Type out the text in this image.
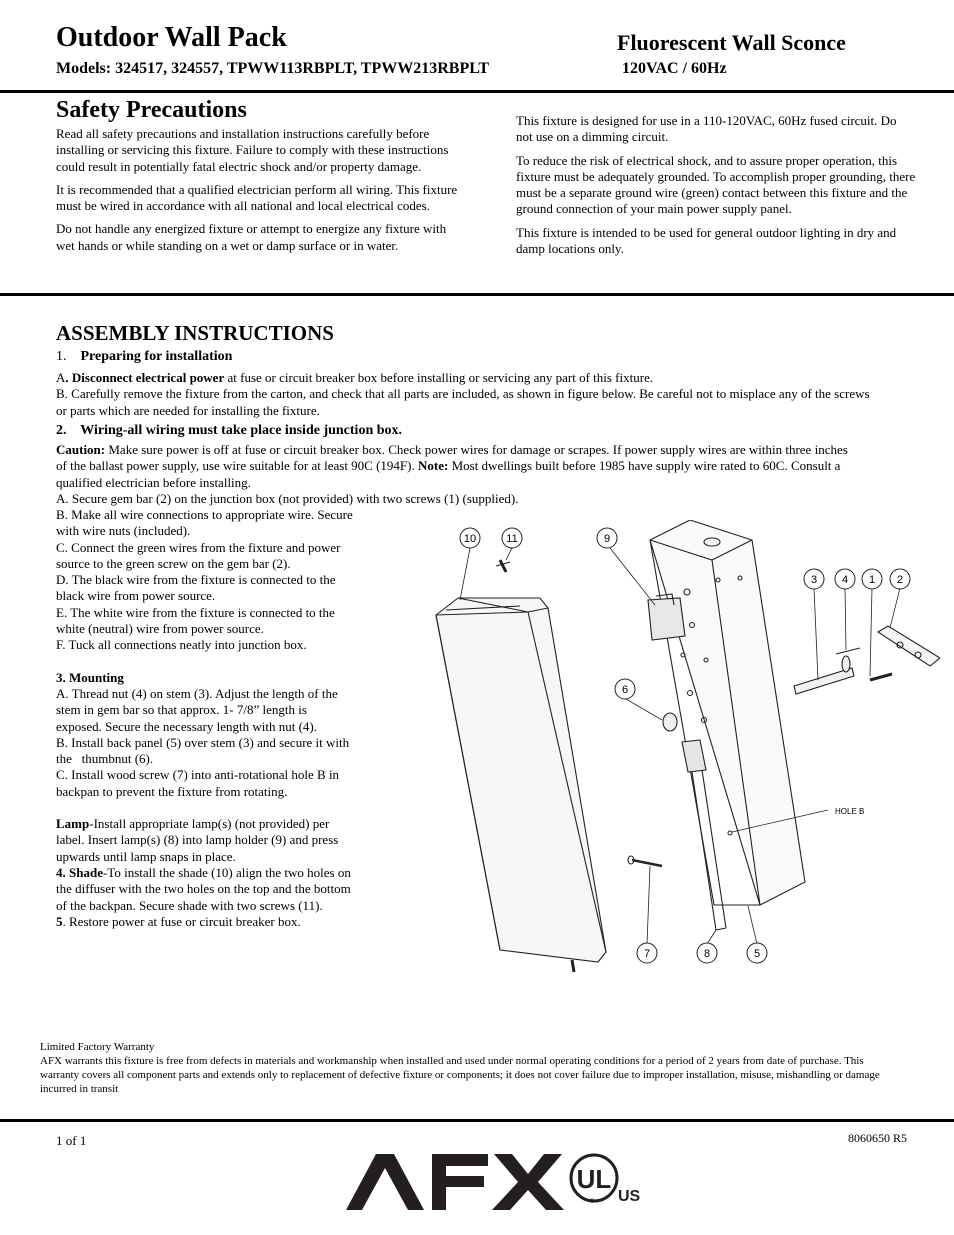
Outdoor Wall Pack	Fluorescent Wall Sconce
Models: 324517, 324557, TPWW113RBPLT, TPWW213RBPLT	120VAC / 60Hz
Safety Precautions

Read all safety precautions and installation instructions carefully before installing or servicing this fixture. Failure to comply with these instructions could result in potentially fatal electric shock and/or property damage.

It is recommended that a qualified electrician perform all wiring. This fixture must be wired in accordance with all national and local electrical codes.

Do not handle any energized fixture or attempt to energize any fixture with wet hands or while standing on a wet or damp surface or in water.

This fixture is designed for use in a 110-120VAC, 60Hz fused circuit. Do not use on a dimming circuit.

To reduce the risk of electrical shock, and to assure proper operation, this fixture must be adequately grounded. To accomplish proper grounding, there must be a separate ground wire (green) contact between this fixture and the ground connection of your main power supply panel.

This fixture is intended to be used for general outdoor lighting in dry and damp locations only.

ASSEMBLY INSTRUCTIONS
1. Preparing for installation

A. Disconnect electrical power at fuse or circuit breaker box before installing or servicing any part of this fixture.

B. Carefully remove the fixture from the carton, and check that all parts are included, as shown in figure below. Be careful not to misplace any of the screws or parts which are needed for installing the fixture.

2.    Wiring-all wiring must take place inside junction box.

Caution: Make sure power is off at fuse or circuit breaker box. Check power wires for damage or scrapes. If power supply wires are within three inches of the ballast power supply, use wire suitable for at least 90C (194F). Note: Most dwellings built before 1985 have supply wire rated to 60C. Consult a qualified electrician before installing.

A. Secure gem bar (2) on the junction box (not provided) with two screws (1) (supplied).

B. Make all wire connections to appropriate wire. Secure with wire nuts (included).

C. Connect the green wires from the fixture and power source to the green screw on the gem bar (2).

D. The black wire from the fixture is connected to the black wire from power source.

E. The white wire from the fixture is connected to the white (neutral) wire from power source.

F. Tuck all connections neatly into junction box.

3. Mounting

A. Thread nut (4) on stem (3). Adjust the length of the stem in gem bar so that approx. 1- 7/8” length is exposed. Secure the necessary length with nut (4).

B. Install back panel (5) over stem (3) and secure it with the   thumbnut (6).

C. Install wood screw (7) into anti-rotational hole B in backpan to prevent the fixture from rotating.

Lamp-Install appropriate lamp(s) (not provided) per label. Insert lamp(s) (8) into lamp holder (9) and press upwards until lamp snaps in place.

4. Shade-To install the shade (10) align the two holes on the diffuser with the two holes on the top and the bottom of the backpan. Secure shade with two screws (11).

5. Restore power at fuse or circuit breaker box.

10	11	9
3 4 1 2
6
7	8	5
HOLE B
Limited Factory Warranty
AFX warrants this fixture is free from defects in materials and workmanship when installed and used under normal operating conditions for a period of 2 years from date of purchase. This warranty covers all component parts and extends only to replacement of defective fixture or components; it does not cover failure due to improper installation, misuse, mishandling or damage incurred in transit
1 of 1	8060650 R5
AFX	UL
® US
